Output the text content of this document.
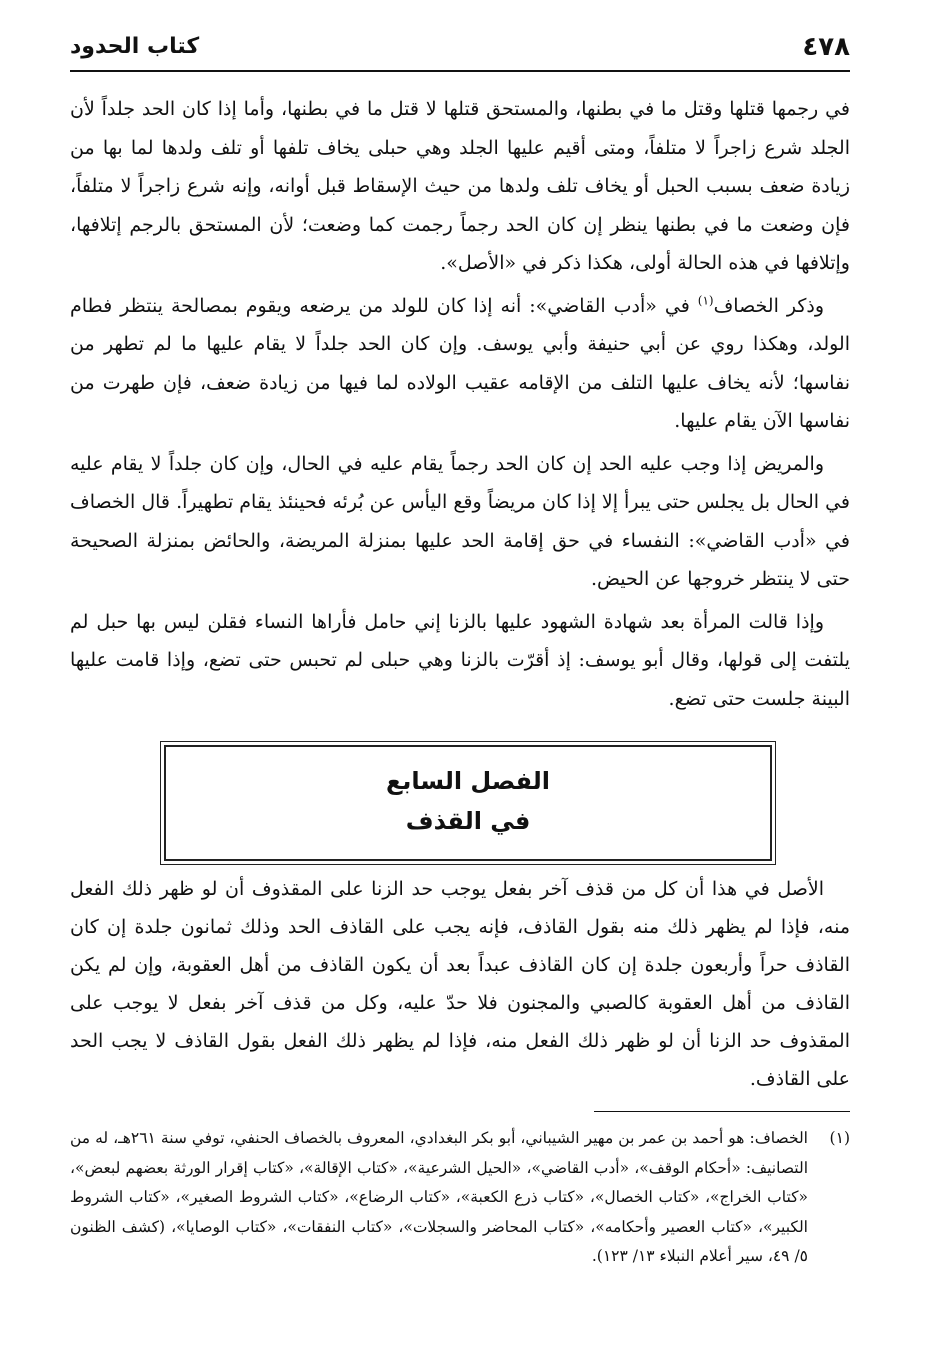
٤٧٨
كتاب الحدود

في رجمها قتلها وقتل ما في بطنها، والمستحق قتلها لا قتل ما في بطنها، وأما إذا كان الحد جلداً لأن الجلد شرع زاجراً لا متلفاً، ومتى أقيم عليها الجلد وهي حبلى يخاف تلفها أو تلف ولدها لما بها من زيادة ضعف بسبب الحبل أو يخاف تلف ولدها من حيث الإسقاط قبل أوانه، وإنه شرع زاجراً لا متلفاً، فإن وضعت ما في بطنها ينظر إن كان الحد رجماً رجمت كما وضعت؛ لأن المستحق بالرجم إتلافها، وإتلافها في هذه الحالة أولى، هكذا ذكر في «الأصل».

وذكر الخصاف$^{(١)}$ في «أدب القاضي»: أنه إذا كان للولد من يرضعه ويقوم بمصالحة ينتظر فطام الولد، وهكذا روي عن أبي حنيفة وأبي يوسف. وإن كان الحد جلداً لا يقام عليها ما لم تطهر من نفاسها؛ لأنه يخاف عليها التلف من الإقامه عقيب الولاده لما فيها من زيادة ضعف، فإن طهرت من نفاسها الآن يقام عليها.

والمريض إذا وجب عليه الحد إن كان الحد رجماً يقام عليه في الحال، وإن كان جلداً لا يقام عليه في الحال بل يجلس حتى يبرأ إلا إذا كان مريضاً وقع اليأس عن بُرئه فحينئذ يقام تطهيراً. قال الخصاف في «أدب القاضي»: النفساء في حق إقامة الحد عليها بمنزلة المريضة، والحائض بمنزلة الصحيحة حتى لا ينتظر خروجها عن الحيض.

وإذا قالت المرأة بعد شهادة الشهود عليها بالزنا إني حامل فأراها النساء فقلن ليس بها حبل لم يلتفت إلى قولها، وقال أبو يوسف: إذ أقرّت بالزنا وهي حبلى لم تحبس حتى تضع، وإذا قامت عليها البينة جلست حتى تضع.

الفصل السابع
في القذف

الأصل في هذا أن كل من قذف آخر بفعل يوجب حد الزنا على المقذوف أن لو ظهر ذلك الفعل منه، فإذا لم يظهر ذلك منه بقول القاذف، فإنه يجب على القاذف الحد وذلك ثمانون جلدة إن كان القاذف حراً وأربعون جلدة إن كان القاذف عبداً بعد أن يكون القاذف من أهل العقوبة، وإن لم يكن القاذف من أهل العقوبة كالصبي والمجنون فلا حدّ عليه، وكل من قذف آخر بفعل لا يوجب على المقذوف حد الزنا أن لو ظهر ذلك الفعل منه، فإذا لم يظهر ذلك الفعل بقول القاذف لا يجب الحد على القاذف.

(١)
الخصاف: هو أحمد بن عمر بن مهير الشيباني، أبو بكر البغدادي، المعروف بالخصاف الحنفي، توفي سنة ٢٦١هـ، له من التصانيف: «أحكام الوقف»، «أدب القاضي»، «الحيل الشرعية»، «كتاب الإقالة»، «كتاب إقرار الورثة بعضهم لبعض»، «كتاب الخراج»، «كتاب الخصال»، «كتاب ذرع الكعبة»، «كتاب الرضاع»، «كتاب الشروط الصغير»، «كتاب الشروط الكبير»، «كتاب العصير وأحكامه»، «كتاب المحاضر والسجلات»، «كتاب النفقات»، «كتاب الوصايا»، (كشف الظنون ٥/ ٤٩، سير أعلام النبلاء ١٣/ ١٢٣).
